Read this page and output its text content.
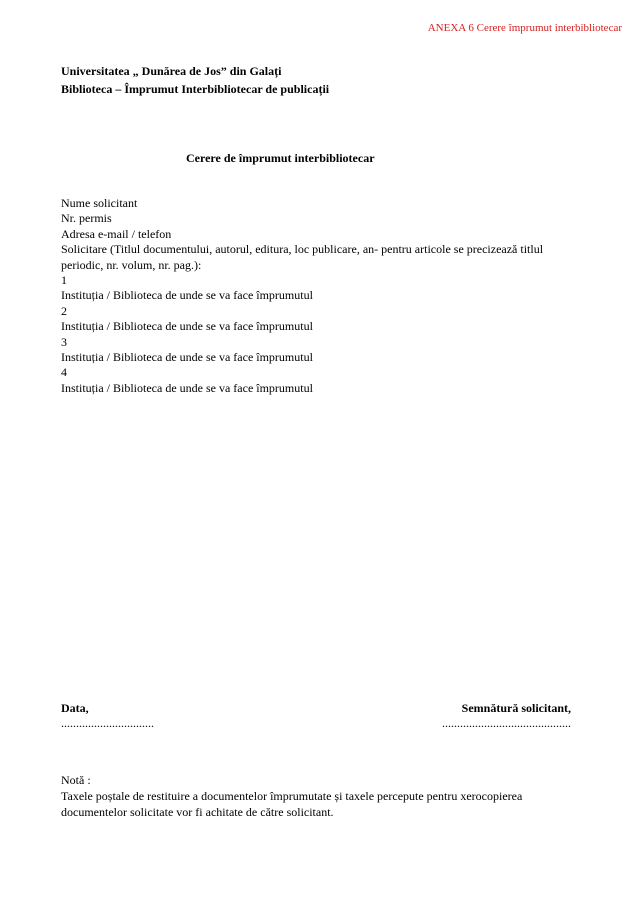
ANEXA 6 Cerere împrumut interbibliotecar
Universitatea „ Dunărea de Jos” din Galați
Biblioteca – Împrumut Interbibliotecar de publicații
Cerere de împrumut interbibliotecar
Nume solicitant
Nr. permis
Adresa e-mail / telefon
Solicitare (Titlul documentului, autorul, editura, loc publicare, an- pentru articole se precizează titlul periodic, nr. volum, nr. pag.):
1
Instituția / Biblioteca de unde se va face împrumutul
2
Instituția / Biblioteca de unde se va face împrumutul
3
Instituția / Biblioteca de unde se va face împrumutul
4
Instituția / Biblioteca de unde se va face împrumutul
Data,
...............................
Semnătură solicitant,
...........................................
Notă :
Taxele poștale de restituire a documentelor împrumutate și taxele percepute pentru xerocopierea documentelor solicitate vor fi achitate de către solicitant.
